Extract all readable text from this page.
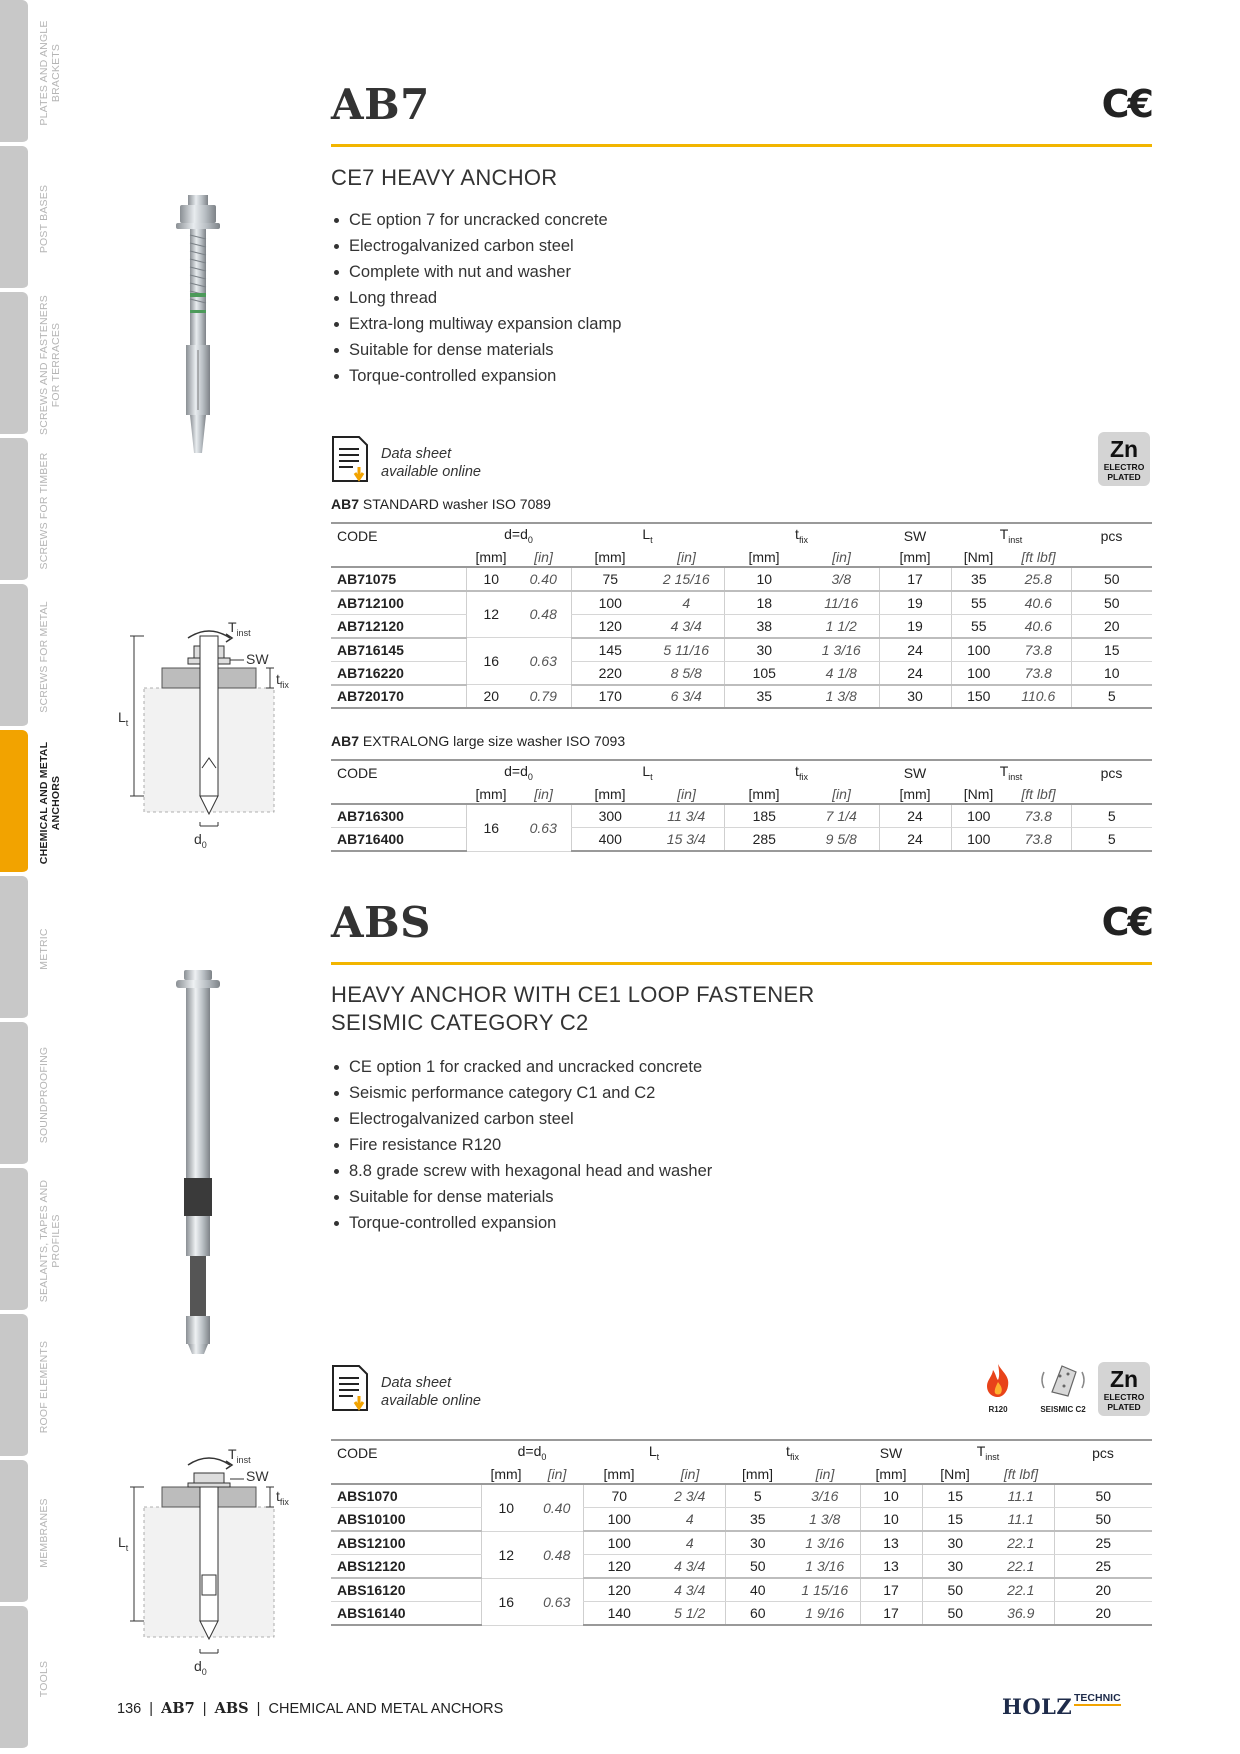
PLATES AND ANGLE BRACKETS
POST BASES
SCREWS AND FASTENERS FOR TERRACES
SCREWS FOR TIMBER
SCREWS FOR METAL
CHEMICAL AND METAL ANCHORS
METRIC
SOUNDPROOFING
SEALANTS, TAPES AND PROFILES
ROOF ELEMENTS
MEMBRANES
TOOLS
AB7	C€
CE7 HEAVY ANCHOR
CE option 7 for uncracked concrete
Electrogalvanized carbon steel
Complete with nut and washer
Long thread
Extra-long multiway expansion clamp
Suitable for dense materials
Torque-controlled expansion
$T_{inst}$
SW
$t_{fix}$
$L_t$
$d_0$
Data sheet
available online
Zn
ELECTRO
PLATED
AB7 STANDARD washer ISO 7089
CODE	$d=d_0$		$L_t$		$t_{fix}$		SW	$T_{inst}$		pcs
	[mm]	[in]	[mm]	[in]	[mm]	[in]	[mm]	[Nm]	[ft lbf]	
AB71075	10	0.40	75	2 15/16	10	3/8	17	35	25.8	50
AB712100	12	0.48	100	4	18	11/16	19	55	40.6	50
AB712120			120	4 3/4	38	1 1/2	19	55	40.6	20
AB716145	16	0.63	145	5 11/16	30	1 3/16	24	100	73.8	15
AB716220			220	8 5/8	105	4 1/8	24	100	73.8	10
AB720170	20	0.79	170	6 3/4	35	1 3/8	30	150	110.6	5
AB7 EXTRALONG large size washer ISO 7093
CODE	$d=d_0$		$L_t$		$t_{fix}$		SW	$T_{inst}$		pcs
	[mm]	[in]	[mm]	[in]	[mm]	[in]	[mm]	[Nm]	[ft lbf]	
AB716300	16	0.63	300	11 3/4	185	7 1/4	24	100	73.8	5
AB716400			400	15 3/4	285	9 5/8	24	100	73.8	5
ABS	C€
HEAVY ANCHOR WITH CE1 LOOP FASTENER
SEISMIC CATEGORY C2
CE option 1 for cracked and uncracked concrete
Seismic performance category C1 and C2
Electrogalvanized carbon steel
Fire resistance R120
8.8 grade screw with hexagonal head and washer
Suitable for dense materials
Torque-controlled expansion
$T_{inst}$
SW
$t_{fix}$
$L_t$
$d_0$
Data sheet
available online
R120	SEISMIC C2
Zn
ELECTRO
PLATED
CODE	$d=d_0$		$L_t$		$t_{fix}$		SW	$T_{inst}$		pcs
	[mm]	[in]	[mm]	[in]	[mm]	[in]	[mm]	[Nm]	[ft lbf]	
ABS1070	10	0.40	70	2 3/4	5	3/16	10	15	11.1	50
ABS10100			100	4	35	1 3/8	10	15	11.1	50
ABS12100	12	0.48	100	4	30	1 3/16	13	30	22.1	25
ABS12120			120	4 3/4	50	1 3/16	13	30	22.1	25
ABS16120	16	0.63	120	4 3/4	40	1 15/16	17	50	22.1	20
ABS16140			140	5 1/2	60	1 9/16	17	50	36.9	20
136 | AB7 | ABS | CHEMICAL AND METAL ANCHORS	HOLZ TECHNIC
